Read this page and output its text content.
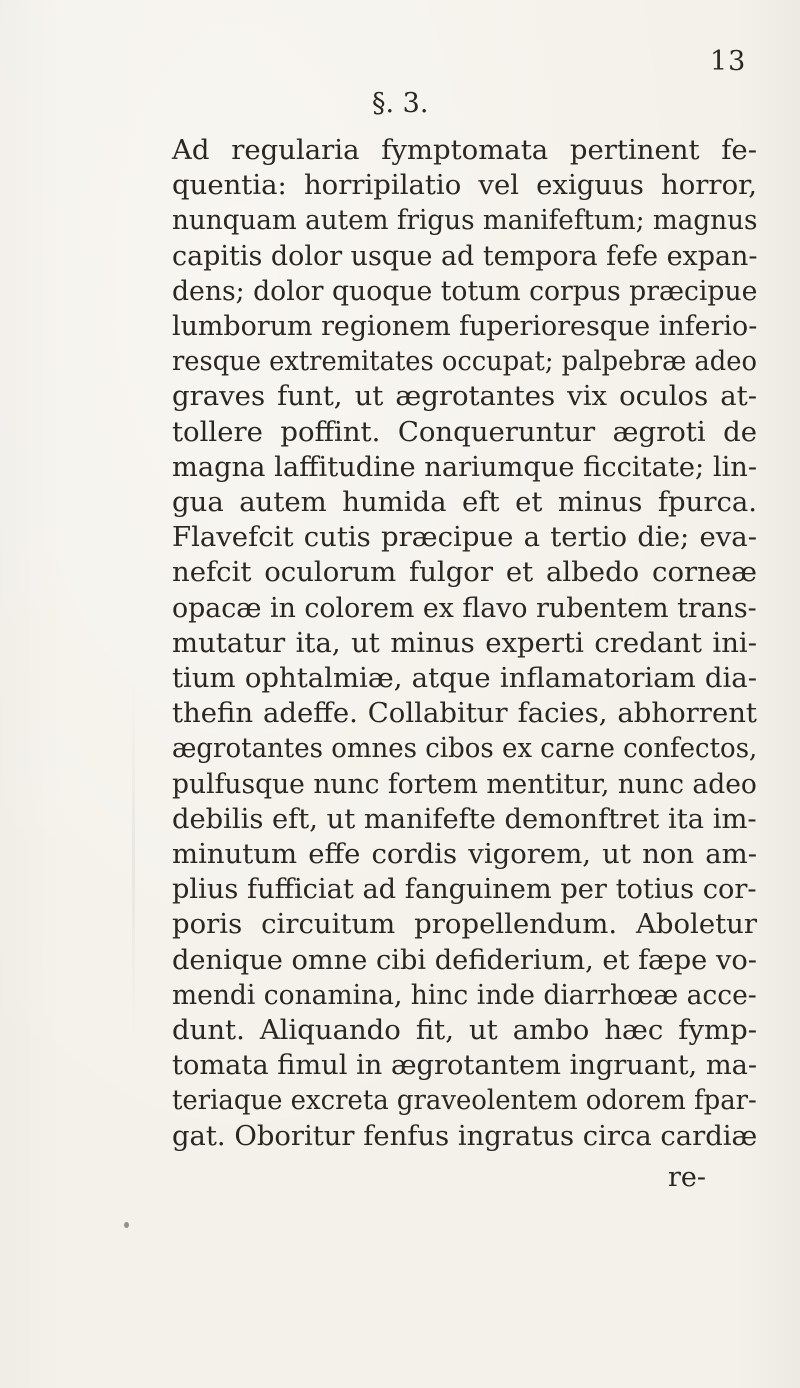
13
§. 3.
Ad regularia fymptomata pertinent fe-
quentia: horripilatio vel exiguus horror,
nunquam autem frigus manifeftum; magnus
capitis dolor usque ad tempora fefe expan-
dens; dolor quoque totum corpus præcipue
lumborum regionem fuperioresque inferio-
resque extremitates occupat; palpebræ adeo
graves funt, ut ægrotantes vix oculos at-
tollere poffint. Conqueruntur ægroti de
magna laffitudine nariumque ficcitate; lin-
gua autem humida eft et minus fpurca.
Flavefcit cutis præcipue a tertio die; eva-
nefcit oculorum fulgor et albedo corneæ
opacæ in colorem ex flavo rubentem trans-
mutatur ita, ut minus experti credant ini-
tium ophtalmiæ, atque inflamatoriam dia-
thefin adeffe. Collabitur facies, abhorrent
ægrotantes omnes cibos ex carne confectos,
pulfusque nunc fortem mentitur, nunc adeo
debilis eft, ut manifefte demonftret ita im-
minutum effe cordis vigorem, ut non am-
plius fufficiat ad fanguinem per totius cor-
poris circuitum propellendum. Aboletur
denique omne cibi defiderium, et fæpe vo-
mendi conamina, hinc inde diarrhœæ acce-
dunt. Aliquando fit, ut ambo hæc fymp-
tomata fimul in ægrotantem ingruant, ma-
teriaque excreta graveolentem odorem fpar-
gat. Oboritur fenfus ingratus circa cardiæ
re-
